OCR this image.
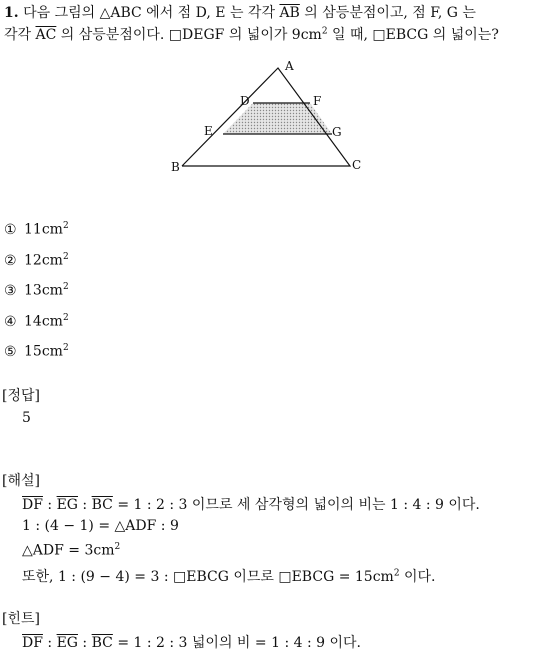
1. 다음 그림의 △ABC 에서 점 D, E 는 각각 $\overline{AB}$ 의 삼등분점이고, 점 F, G 는
각각 $\overline{AC}$ 의 삼등분점이다. □DEGF 의 넓이가 $9cm^2$ 일 때, □EBCG 의 넓이는?
A
D	F
E	G
B	C
① $11cm^2$
② $12cm^2$
③ $13cm^2$
④ $14cm^2$
⑤ $15cm^2$
[정답]
5
[해설]
$\overline{DF}$ : $\overline{EG}$ : $\overline{BC} = 1$ : 2 : 3 이므로 세 삼각형의 넓이의 비는 1 : 4 : 9 이다.
1 : (4 − 1) = △ADF : 9
△ADF = $3cm^2$
또한, 1 : (9 − 4) = 3 : □EBCG 이므로 □EBCG = $15cm^2$ 이다.
[힌트]
$\overline{DF}$ : $\overline{EG}$ : $\overline{BC} = 1$ : 2 : 3 넓이의 비 = 1 : 4 : 9 이다.
